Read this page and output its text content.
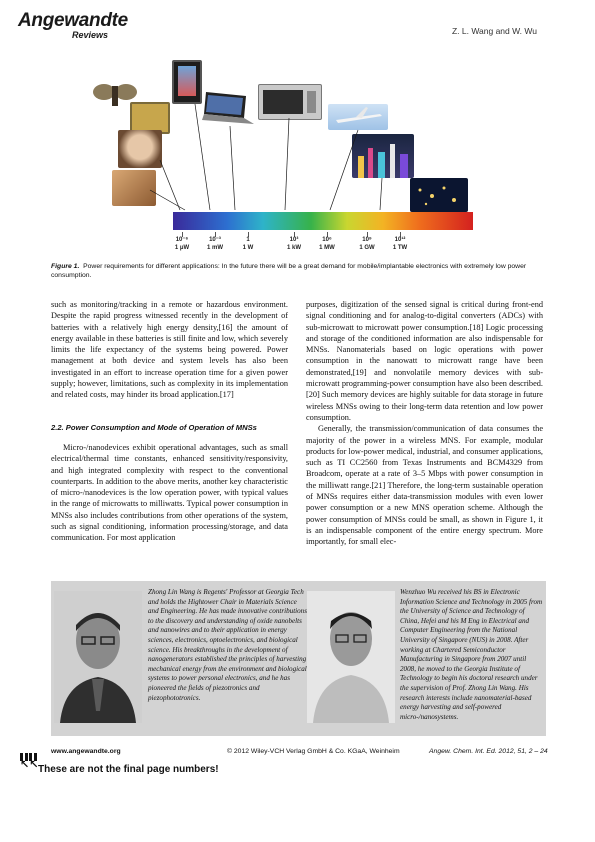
Angewandte
Reviews	Z. L. Wang and W. Wu
10⁻⁶
1 μW
10⁻³
1 mW
1
1 W
10³
1 kW
10⁶
1 MW
10⁹
1 GW
10¹²
1 TW
Figure 1. Power requirements for different applications: In the future there will be a great demand for mobile/implantable electronics with extremely low power consumption.

such as monitoring/tracking in a remote or hazardous environment. Despite the rapid progress witnessed recently in the development of batteries with a relatively high energy density,[16] the amount of energy available in these batteries is still finite and low, which severely limits the life expectancy of the systems being powered. Power management at both device and system levels has also been investigated in an effort to increase operation time for a given power supply; however, limitations, such as complexity in its implementation and related costs, may hinder its broad application.[17]

2.2. Power Consumption and Mode of Operation of MNSs

Micro-/nanodevices exhibit operational advantages, such as small electrical/thermal time constants, enhanced sensitivity/responsivity, and high integrated complexity with respect to the conventional counterparts. In addition to the above merits, another key characteristic of micro-/nanodevices is the low operation power, with typical values in the range of microwatts to milliwatts. Typical power consumption in MNSs also includes contributions from other operations of the system, such as signal conditioning, information processing/storage, and data communication. For most application

purposes, digitization of the sensed signal is critical during front-end signal conditioning and for analog-to-digital converters (ADCs) with sub-microwatt to microwatt power consumption.[18] Logic processing and storage of the conditioned information are also indispensable for MNSs. Nanomaterials based on logic operations with power consumption in the nanowatt to microwatt range have been demonstrated,[19] and nonvolatile memory devices with sub-microwatt programming-power consumption have also been described.[20] Such memory devices are highly suitable for data storage in future wireless MNSs owing to their long-term data retention and low power consumption.

Generally, the transmission/communication of data consumes the majority of the power in a wireless MNS. For example, modular products for low-power medical, industrial, and consumer applications, such as TI CC2560 from Texas Instruments and BCM4329 from Broadcom, operate at a rate of 3–5 Mbps with power consumption in the milliwatt range.[21] Therefore, the long-term sustainable operation of MNSs requires either data-transmission modules with even lower power consumption or a new MNS operation scheme. Although the power consumption of MNSs could be small, as shown in Figure 1, it is an indispensable component of the entire energy spectrum. More importantly, for small elec-

Zhong Lin Wang is Regents' Professor at Georgia Tech and holds the Hightower Chair in Materials Science and Engineering. He has made innovative contributions to the discovery and understanding of oxide nanobelts and nanowires and to their application in energy sciences, electronics, optoelectronics, and biological science. His breakthroughs in the development of nanogenerators established the principles of harvesting mechanical energy from the environment and biological systems to power personal electronics, and he has pioneered the fields of piezotronics and piezophototronics.
Wenzhuo Wu received his BS in Electronic Information Science and Technology in 2005 from the University of Science and Technology of China, Hefei and his M Eng in Electrical and Computer Engineering from the National University of Singapore (NUS) in 2008. After working at Chartered Semiconductor Manufacturing in Singapore from 2007 until 2008, he moved to the Georgia Institute of Technology to begin his doctoral research under the supervision of Prof. Zhong Lin Wang. His research interests include nanomaterial-based energy harvesting and self-powered micro-/nanosystems.
www.angewandte.org	© 2012 Wiley-VCH Verlag GmbH & Co. KGaA, Weinheim	Angew. Chem. Int. Ed. 2012, 51, 2 – 24
↖↖ These are not the final page numbers!
